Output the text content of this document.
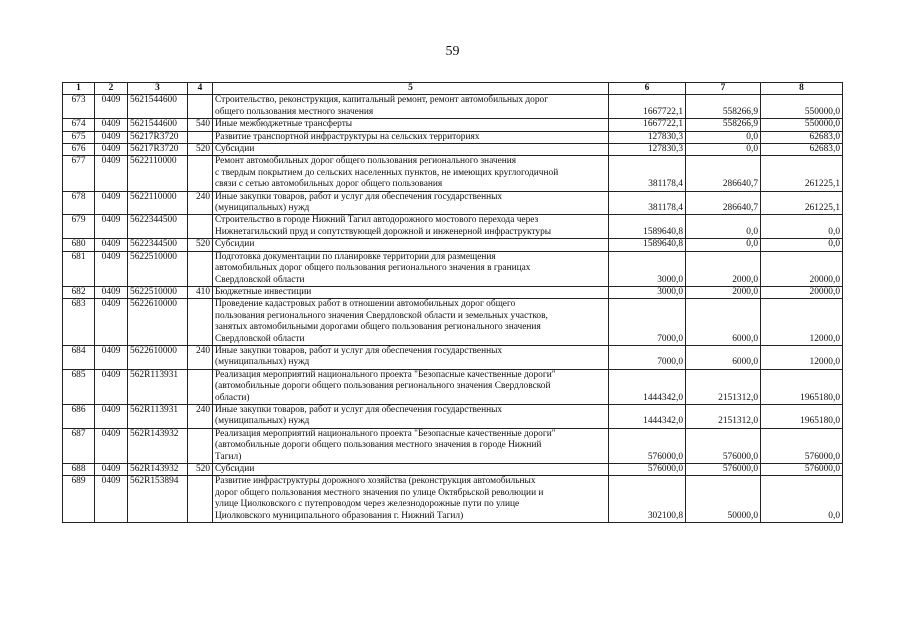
59
1	2	3	4	5	6	7	8
673	0409	5621544600		Строительство, реконструкция, капитальный ремонт, ремонт автомобильных дорог
общего пользования местного значения	1667722,1	558266,9	550000,0
674	0409	5621544600	540	Иные межбюджетные трансферты	1667722,1	558266,9	550000,0
675	0409	56217R3720		Развитие транспортной инфраструктуры на сельских территориях	127830,3	0,0	62683,0
676	0409	56217R3720	520	Субсидии	127830,3	0,0	62683,0
677	0409	5622110000		Ремонт автомобильных дорог общего пользования регионального значения
с твердым покрытием до сельских населенных пунктов, не имеющих круглогодичной
связи с сетью автомобильных дорог общего пользования	381178,4	286640,7	261225,1
678	0409	5622110000	240	Иные закупки товаров, работ и услуг для обеспечения государственных
(муниципальных) нужд	381178,4	286640,7	261225,1
679	0409	5622344500		Строительство в городе Нижний Тагил автодорожного мостового перехода через
Нижнетагильский пруд и сопутствующей дорожной и инженерной инфраструктуры	1589640,8	0,0	0,0
680	0409	5622344500	520	Субсидии	1589640,8	0,0	0,0
681	0409	5622510000		Подготовка документации по планировке территории для размещения
автомобильных дорог общего пользования регионального значения в границах
Свердловской области	3000,0	2000,0	20000,0
682	0409	5622510000	410	Бюджетные инвестиции	3000,0	2000,0	20000,0
683	0409	5622610000		Проведение кадастровых работ в отношении автомобильных дорог общего
пользования регионального значения Свердловской области и земельных участков,
занятых автомобильными дорогами общего пользования регионального значения
Свердловской области	7000,0	6000,0	12000,0
684	0409	5622610000	240	Иные закупки товаров, работ и услуг для обеспечения государственных
(муниципальных) нужд	7000,0	6000,0	12000,0
685	0409	562R113931		Реализация мероприятий национального проекта "Безопасные качественные дороги"
(автомобильные дороги общего пользования регионального значения Свердловской
области)	1444342,0	2151312,0	1965180,0
686	0409	562R113931	240	Иные закупки товаров, работ и услуг для обеспечения государственных
(муниципальных) нужд	1444342,0	2151312,0	1965180,0
687	0409	562R143932		Реализация мероприятий национального проекта "Безопасные качественные дороги"
(автомобильные дороги общего пользования местного значения в городе Нижний
Тагил)	576000,0	576000,0	576000,0
688	0409	562R143932	520	Субсидии	576000,0	576000,0	576000,0
689	0409	562R153894		Развитие инфраструктуры дорожного хозяйства (реконструкция автомобильных
дорог общего пользования местного значения по улице Октябрьской революции и
улице Циолковского с путепроводом через железнодорожные пути по улице
Циолковского муниципального образования г. Нижний Тагил)	302100,8	50000,0	0,0
